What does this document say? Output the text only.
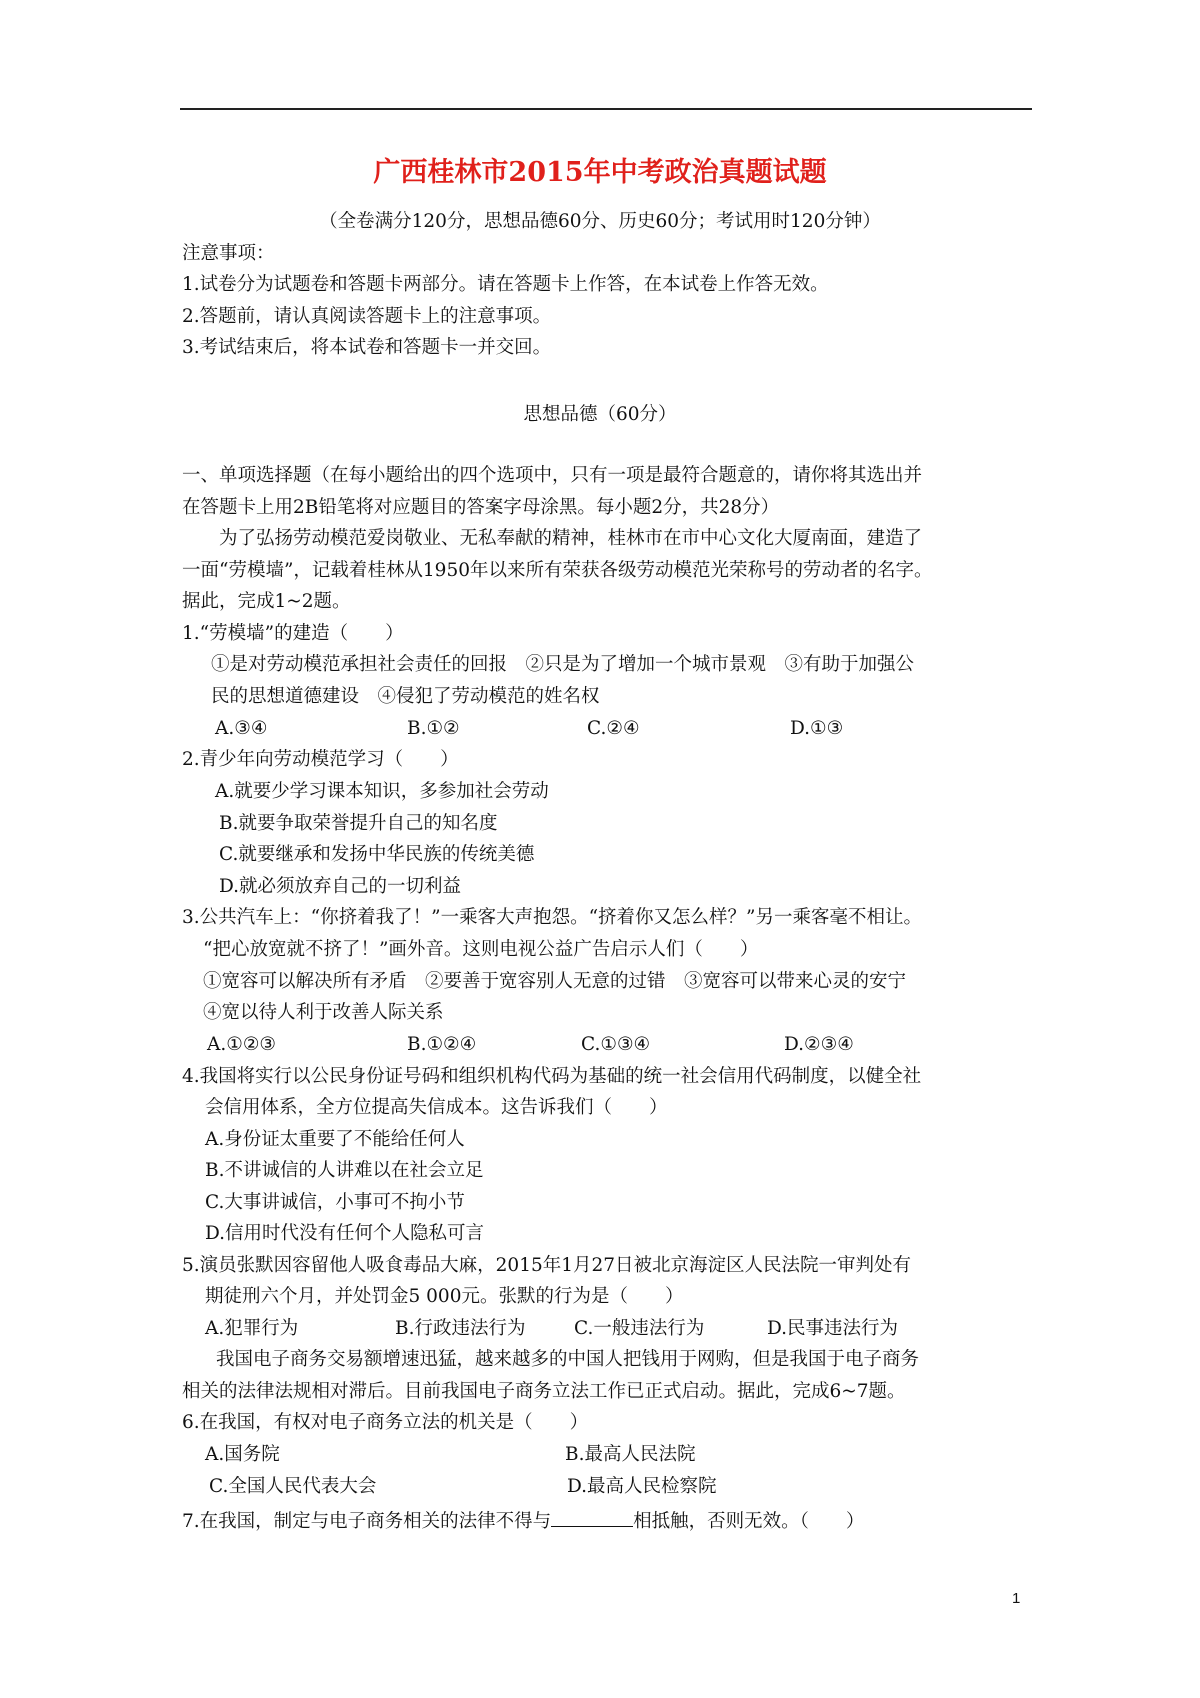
广西桂林市2015年中考政治真题试题
（全卷满分120分，思想品德60分、历史60分；考试用时120分钟）
注意事项：
1.试卷分为试题卷和答题卡两部分。请在答题卡上作答，在本试卷上作答无效。
2.答题前，请认真阅读答题卡上的注意事项。
3.考试结束后，将本试卷和答题卡一并交回。
思想品德（60分）
一、单项选择题（在每小题给出的四个选项中，只有一项是最符合题意的，请你将其选出并
在答题卡上用2B铅笔将对应题目的答案字母涂黑。每小题2分，共28分）
为了弘扬劳动模范爱岗敬业、无私奉献的精神，桂林市在市中心文化大厦南面，建造了
一面“劳模墙”，记载着桂林从1950年以来所有荣获各级劳动模范光荣称号的劳动者的名字。
据此，完成1~2题。
1.“劳模墙”的建造（　　）
①是对劳动模范承担社会责任的回报　②只是为了增加一个城市景观　③有助于加强公
民的思想道德建设　④侵犯了劳动模范的姓名权
A.③④	B.①②	C.②④	D.①③
2.青少年向劳动模范学习（　　）
A.就要少学习课本知识，多参加社会劳动
B.就要争取荣誉提升自己的知名度
C.就要继承和发扬中华民族的传统美德
D.就必须放弃自己的一切利益
3.公共汽车上：“你挤着我了！”一乘客大声抱怨。“挤着你又怎么样？”另一乘客毫不相让。
“把心放宽就不挤了！”画外音。这则电视公益广告启示人们（　　）
①宽容可以解决所有矛盾　②要善于宽容别人无意的过错　③宽容可以带来心灵的安宁
④宽以待人利于改善人际关系
A.①②③	B.①②④	C.①③④	D.②③④
4.我国将实行以公民身份证号码和组织机构代码为基础的统一社会信用代码制度，以健全社
会信用体系，全方位提高失信成本。这告诉我们（　　）
A.身份证太重要了不能给任何人
B.不讲诚信的人讲难以在社会立足
C.大事讲诚信，小事可不拘小节
D.信用时代没有任何个人隐私可言
5.演员张默因容留他人吸食毒品大麻，2015年1月27日被北京海淀区人民法院一审判处有
期徒刑六个月，并处罚金5 000元。张默的行为是（　　）
A.犯罪行为	B.行政违法行为	C.一般违法行为	D.民事违法行为
我国电子商务交易额增速迅猛，越来越多的中国人把钱用于网购，但是我国于电子商务
相关的法律法规相对滞后。目前我国电子商务立法工作已正式启动。据此，完成6~7题。
6.在我国，有权对电子商务立法的机关是（　　）
A.国务院	B.最高人民法院
C.全国人民代表大会	D.最高人民检察院
7.在我国，制定与电子商务相关的法律不得与	相抵触，否则无效。（　　）
1
